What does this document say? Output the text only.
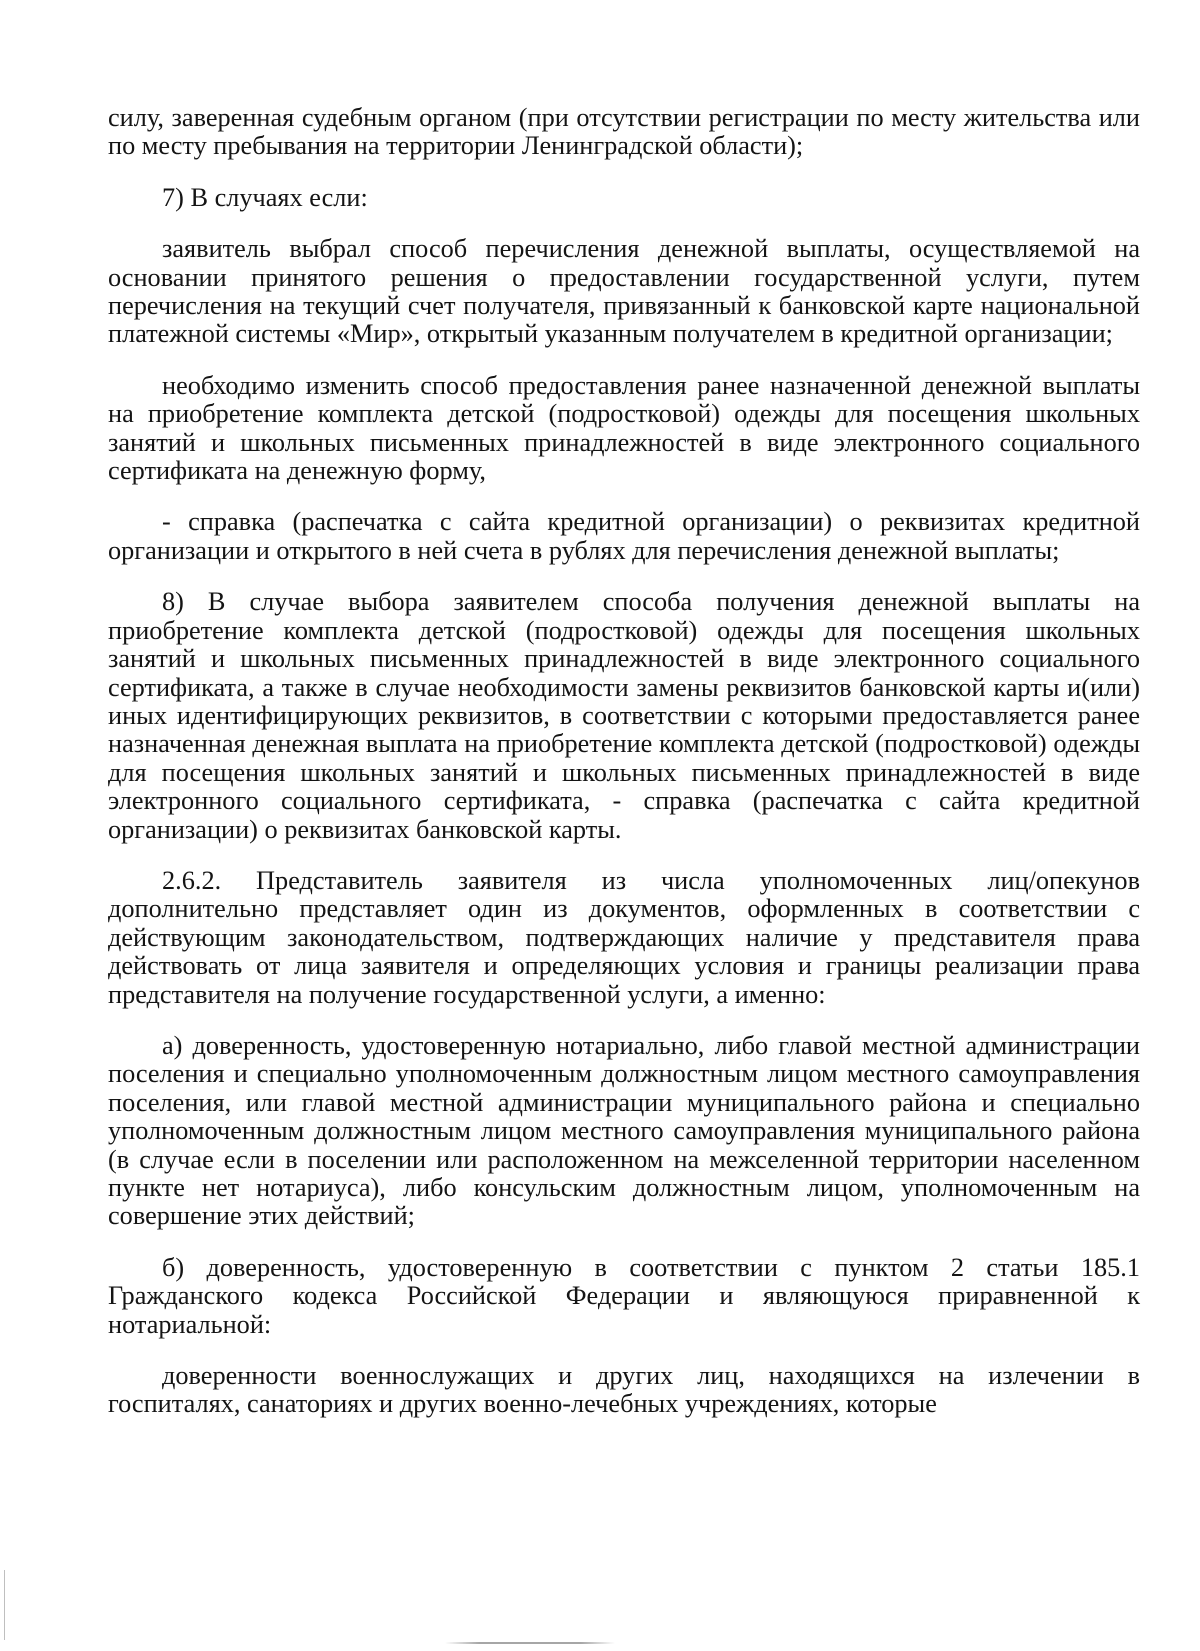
силу, заверенная судебным органом (при отсутствии регистрации по месту жительства или по месту пребывания на территории Ленинградской области);

7) В случаях если:

заявитель выбрал способ перечисления денежной выплаты, осуществляемой на основании принятого решения о предоставлении государственной услуги, путем перечисления на текущий счет получателя, привязанный к банковской карте национальной платежной системы «Мир», открытый указанным получателем в кредитной организации;

необходимо изменить способ предоставления ранее назначенной денежной выплаты на приобретение комплекта детской (подростковой) одежды для посещения школьных занятий и школьных письменных принадлежностей в виде электронного социального сертификата на денежную форму,

- справка (распечатка с сайта кредитной организации) о реквизитах кредитной организации и открытого в ней счета в рублях для перечисления денежной выплаты;

8) В случае выбора заявителем способа получения денежной выплаты на приобретение комплекта детской (подростковой) одежды для посещения школьных занятий и школьных письменных принадлежностей в виде электронного социального сертификата, а также в случае необходимости замены реквизитов банковской карты и(или) иных идентифицирующих реквизитов, в соответствии с которыми предоставляется ранее назначенная денежная выплата на приобретение комплекта детской (подростковой) одежды для посещения школьных занятий и школьных письменных принадлежностей в виде электронного социального сертификата, - справка (распечатка с сайта кредитной организации) о реквизитах банковской карты.

2.6.2. Представитель заявителя из числа уполномоченных лиц/опекунов дополнительно представляет один из документов, оформленных в соответствии с действующим законодательством, подтверждающих наличие у представителя права действовать от лица заявителя и определяющих условия и границы реализации права представителя на получение государственной услуги, а именно:

а) доверенность, удостоверенную нотариально, либо главой местной администрации поселения и специально уполномоченным должностным лицом местного самоуправления поселения, или главой местной администрации муниципального района и специально уполномоченным должностным лицом местного самоуправления муниципального района (в случае если в поселении или расположенном на межселенной территории населенном пункте нет нотариуса), либо консульским должностным лицом, уполномоченным на совершение этих действий;

б) доверенность, удостоверенную в соответствии с пунктом 2 статьи 185.1 Гражданского кодекса Российской Федерации и являющуюся приравненной к нотариальной:

доверенности военнослужащих и других лиц, находящихся на излечении в госпиталях, санаториях и других военно-лечебных учреждениях, которые
